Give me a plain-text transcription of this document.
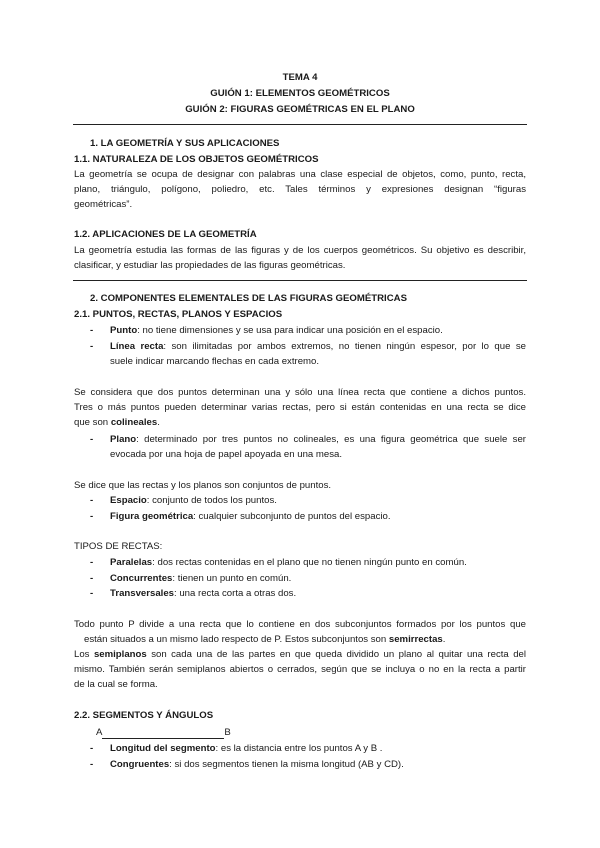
TEMA 4
GUIÓN 1: ELEMENTOS GEOMÉTRICOS
GUIÓN 2: FIGURAS GEOMÉTRICAS EN EL PLANO
1. LA GEOMETRÍA Y SUS APLICACIONES
1.1. NATURALEZA DE LOS OBJETOS GEOMÉTRICOS
La geometría se ocupa de designar con palabras una clase especial de objetos, como, punto, recta,
plano, triángulo, polígono, poliedro, etc. Tales términos y expresiones designan “figuras
geométricas”.
1.2. APLICACIONES DE LA GEOMETRÍA
La geometría estudia las formas de las figuras y de los cuerpos geométricos. Su objetivo es describir,
clasificar, y estudiar las propiedades de las figuras geométricas.
2. COMPONENTES ELEMENTALES DE LAS FIGURAS GEOMÉTRICAS
2.1. PUNTOS, RECTAS, PLANOS Y ESPACIOS
- Punto: no tiene dimensiones y se usa para indicar una posición en el espacio.
- Línea recta: son ilimitadas por ambos extremos, no tienen ningún espesor, por lo que se
suele indicar marcando flechas en cada extremo.
Se considera que dos puntos determinan una y sólo una línea recta que contiene a dichos puntos.
Tres o más puntos pueden determinar varias rectas, pero si están contenidas en una recta se dice
que son colineales.
- Plano: determinado por tres puntos no colineales, es una figura geométrica que suele ser
evocada por una hoja de papel apoyada en una mesa.
Se dice que las rectas y los planos son conjuntos de puntos.
- Espacio: conjunto de todos los puntos.
- Figura geométrica: cualquier subconjunto de puntos del espacio.
TIPOS DE RECTAS:
- Paralelas: dos rectas contenidas en el plano que no tienen ningún punto en común.
- Concurrentes: tienen un punto en común.
- Transversales: una recta corta a otras dos.
Todo punto P divide a una recta que lo contiene en dos subconjuntos formados por los puntos que
están situados a un mismo lado respecto de P. Estos subconjuntos son semirrectas.
Los semiplanos son cada una de las partes en que queda dividido un plano al quitar una recta del
mismo. También serán semiplanos abiertos o cerrados, según que se incluya o no en la recta a partir
de la cual se forma.
2.2. SEGMENTOS Y ÁNGULOS
A	B
- Longitud del segmento: es la distancia entre los puntos A y B .
- Congruentes: si dos segmentos tienen la misma longitud (AB y CD).
